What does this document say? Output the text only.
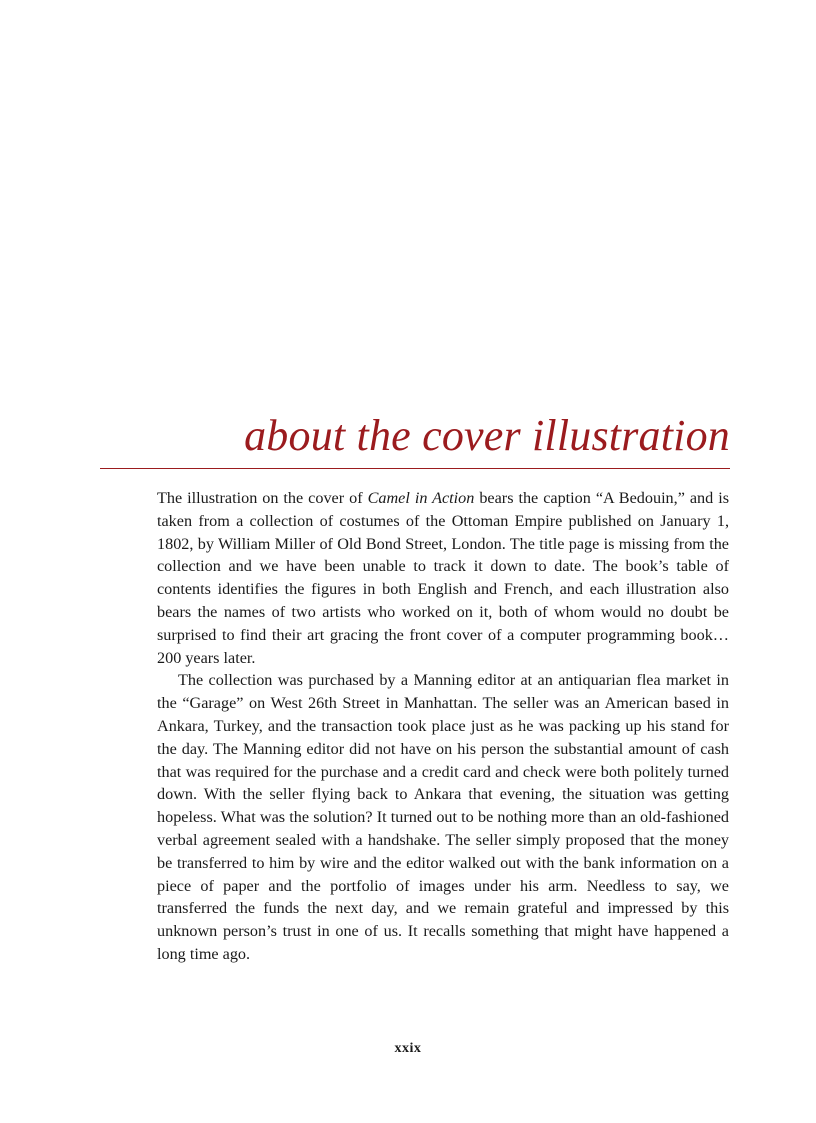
about the cover illustration

The illustration on the cover of Camel in Action bears the caption “A Bedouin,” and is taken from a collection of costumes of the Ottoman Empire published on January 1, 1802, by William Miller of Old Bond Street, London. The title page is missing from the collection and we have been unable to track it down to date. The book’s table of contents identifies the figures in both English and French, and each illustration also bears the names of two artists who worked on it, both of whom would no doubt be surprised to find their art gracing the front cover of a computer programming book…200 years later.

The collection was purchased by a Manning editor at an antiquarian flea market in the “Garage” on West 26th Street in Manhattan. The seller was an American based in Ankara, Turkey, and the transaction took place just as he was packing up his stand for the day. The Manning editor did not have on his person the substantial amount of cash that was required for the purchase and a credit card and check were both politely turned down. With the seller flying back to Ankara that evening, the situation was getting hopeless. What was the solution? It turned out to be nothing more than an old-fashioned verbal agreement sealed with a handshake. The seller simply proposed that the money be transferred to him by wire and the editor walked out with the bank information on a piece of paper and the portfolio of images under his arm. Needless to say, we transferred the funds the next day, and we remain grateful and impressed by this unknown person’s trust in one of us. It recalls something that might have happened a long time ago.

xxix
